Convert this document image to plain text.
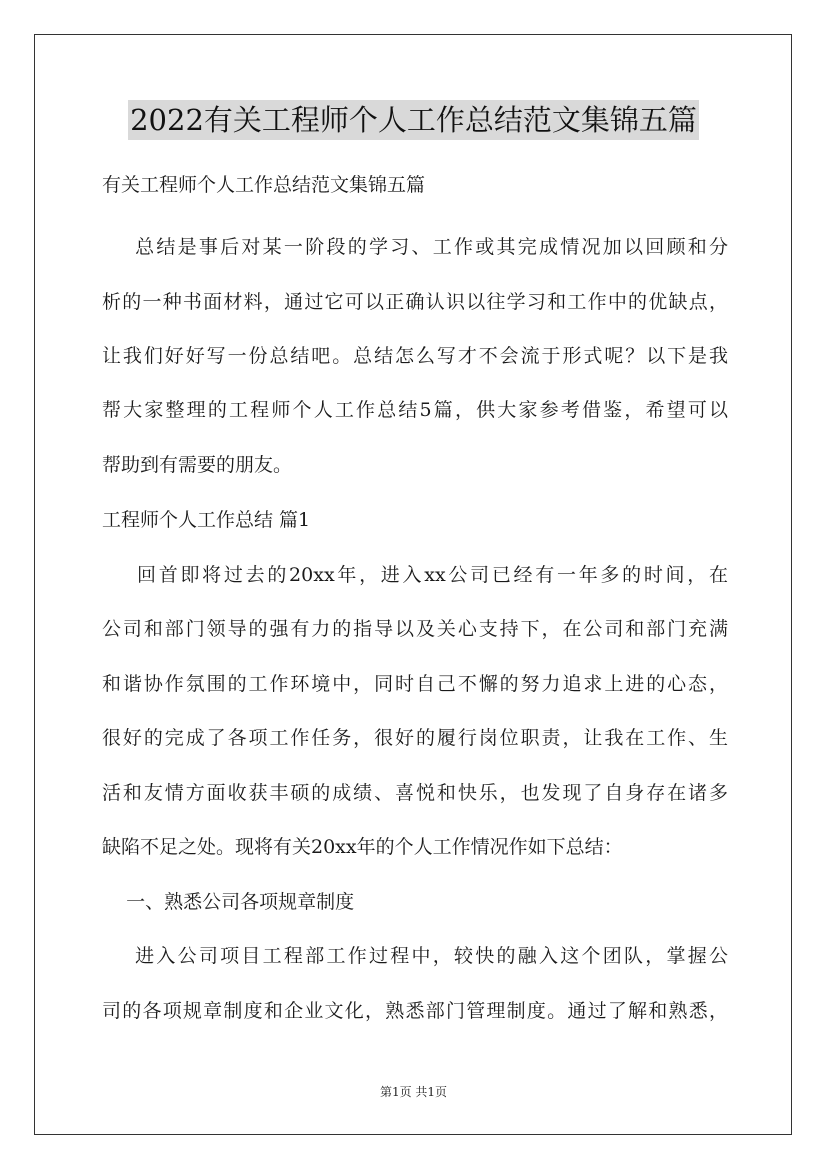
2022有关工程师个人工作总结范文集锦五篇
有关工程师个人工作总结范文集锦五篇
总结是事后对某一阶段的学习、工作或其完成情况加以回顾和分
析的一种书面材料，通过它可以正确认识以往学习和工作中的优缺点，
让我们好好写一份总结吧。总结怎么写才不会流于形式呢？以下是我
帮大家整理的工程师个人工作总结5篇，供大家参考借鉴，希望可以
帮助到有需要的朋友。
工程师个人工作总结 篇1
回首即将过去的20xx年，进入xx公司已经有一年多的时间，在
公司和部门领导的强有力的指导以及关心支持下，在公司和部门充满
和谐协作氛围的工作环境中，同时自己不懈的努力追求上进的心态，
很好的完成了各项工作任务，很好的履行岗位职责，让我在工作、生
活和友情方面收获丰硕的成绩、喜悦和快乐，也发现了自身存在诸多
缺陷不足之处。现将有关20xx年的个人工作情况作如下总结：
一、熟悉公司各项规章制度
进入公司项目工程部工作过程中，较快的融入这个团队，掌握公
司的各项规章制度和企业文化，熟悉部门管理制度。通过了解和熟悉，
第1页 共1页
